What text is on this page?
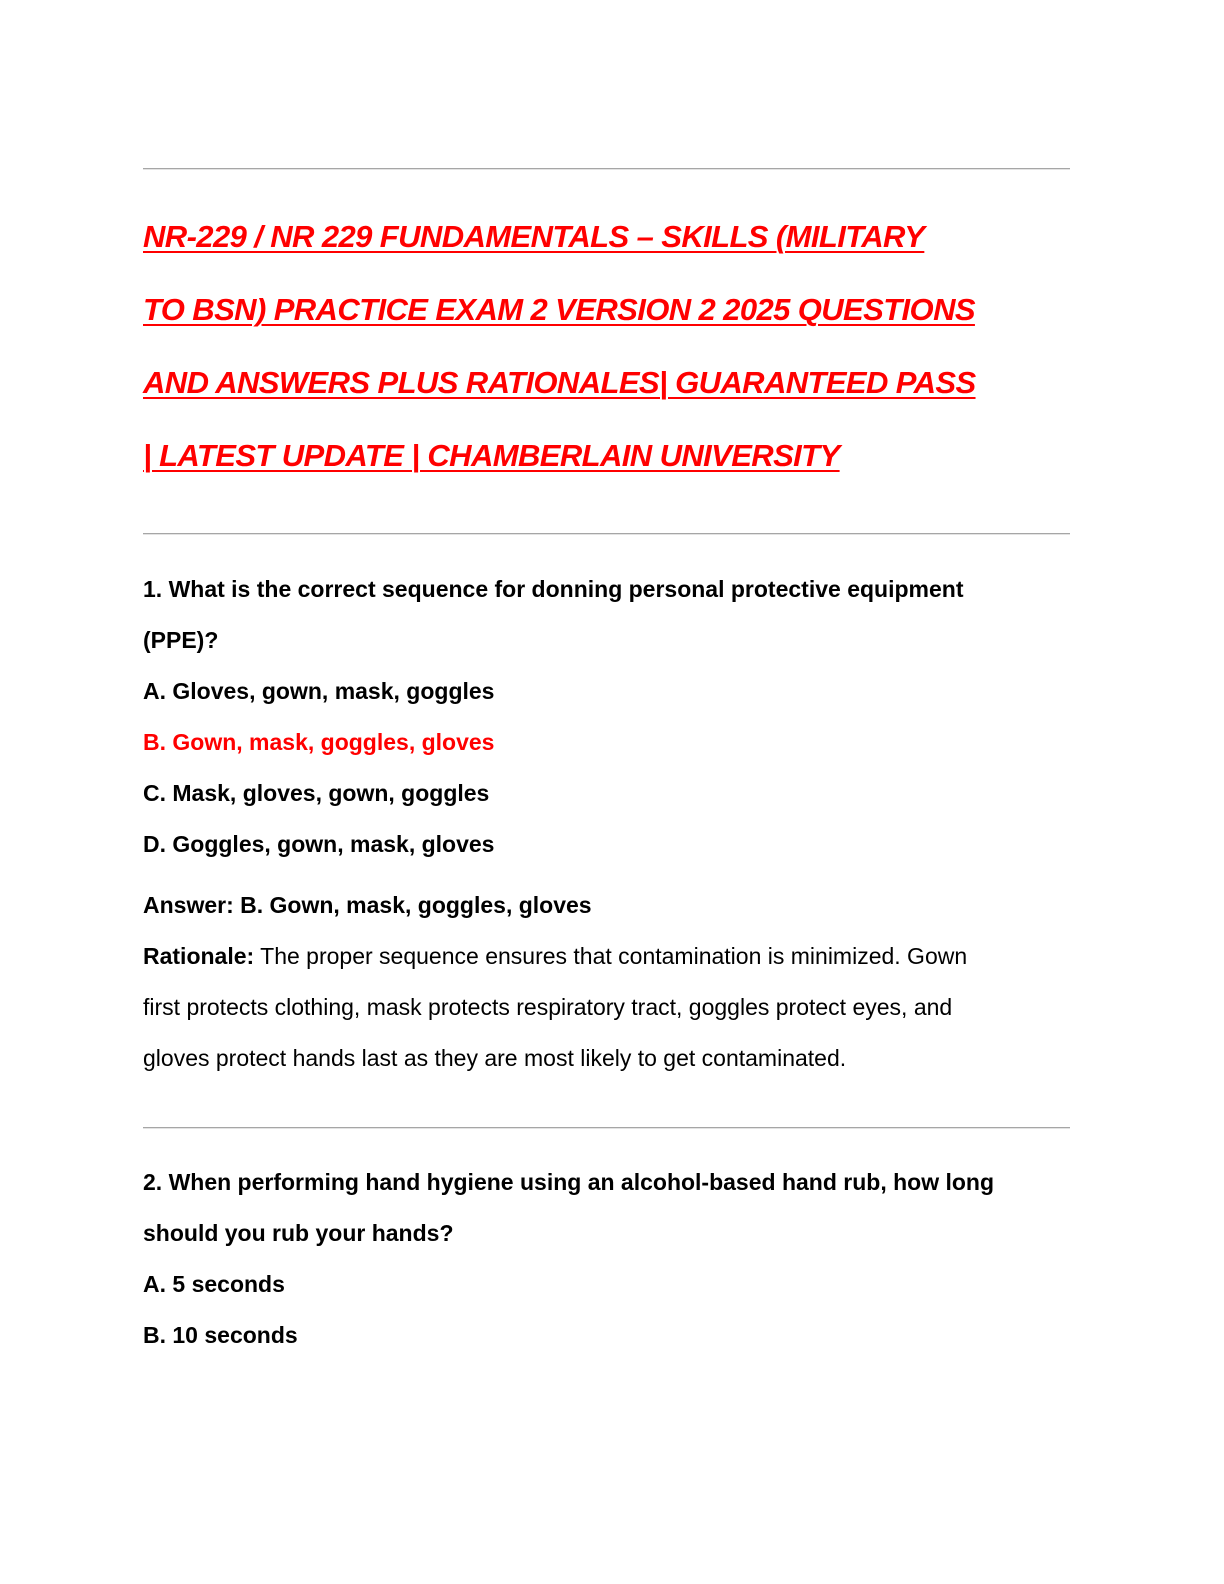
NR-229 / NR 229 FUNDAMENTALS – SKILLS (MILITARY
TO BSN) PRACTICE EXAM 2 VERSION 2 2025 QUESTIONS
AND ANSWERS PLUS RATIONALES| GUARANTEED PASS
| LATEST UPDATE | CHAMBERLAIN UNIVERSITY
1. What is the correct sequence for donning personal protective equipment
(PPE)?
A. Gloves, gown, mask, goggles
B. Gown, mask, goggles, gloves
C. Mask, gloves, gown, goggles
D. Goggles, gown, mask, gloves
Answer: B. Gown, mask, goggles, gloves
Rationale: The proper sequence ensures that contamination is minimized. Gown
first protects clothing, mask protects respiratory tract, goggles protect eyes, and
gloves protect hands last as they are most likely to get contaminated.
2. When performing hand hygiene using an alcohol-based hand rub, how long
should you rub your hands?
A. 5 seconds
B. 10 seconds
